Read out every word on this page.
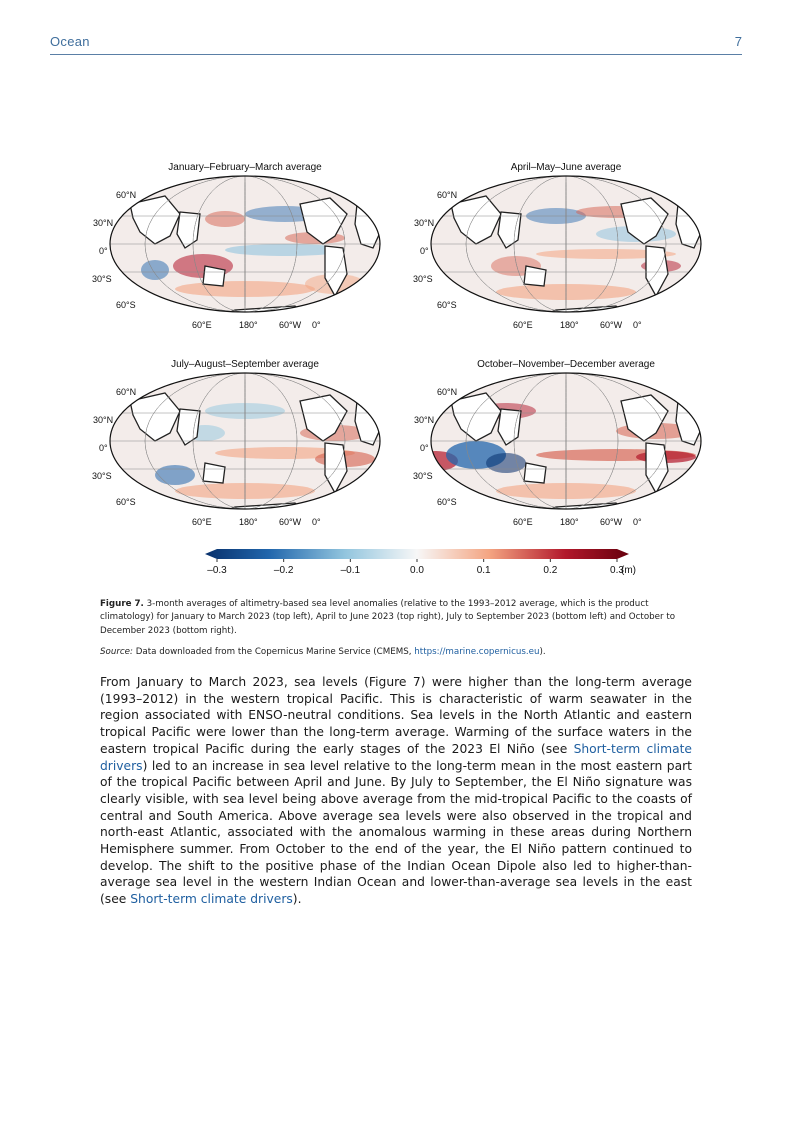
Ocean	7
January–February–March average
60°N
30°N
0°
30°S
60°S
60°E	180° 60°W 0°
April–May–June average
60°N
30°N
0°
30°S
60°S
60°E	180° 60°W 0°
July–August–September average
60°N
30°N
0°
30°S
60°S
60°E	180° 60°W 0°
October–November–December average
60°N
30°N
0°
30°S
60°S
60°E	180° 60°W 0°
–0.3	–0.2	–0.1	0.0	0.1	0.2	0.3
(m)
Figure 7. 3-month averages of altimetry-based sea level anomalies (relative to the 1993–2012 average, which is the product climatology) for January to March 2023 (top left), April to June 2023 (top right), July to September 2023 (bottom left) and October to December 2023 (bottom right).
Source: Data downloaded from the Copernicus Marine Service (CMEMS, https://marine.copernicus.eu).
From January to March 2023, sea levels (Figure 7) were higher than the long-term average (1993–2012) in the western tropical Pacific. This is characteristic of warm seawater in the region associated with ENSO-neutral conditions. Sea levels in the North Atlantic and eastern tropical Pacific were lower than the long-term average. Warming of the surface waters in the eastern tropical Pacific during the early stages of the 2023 El Niño (see Short-term climate drivers) led to an increase in sea level relative to the long-term mean in the most eastern part of the tropical Pacific between April and June. By July to September, the El Niño signature was clearly visible, with sea level being above average from the mid-tropical Pacific to the coasts of central and South America. Above average sea levels were also observed in the tropical and north-east Atlantic, associated with the anomalous warming in these areas during Northern Hemisphere summer. From October to the end of the year, the El Niño pattern continued to develop. The shift to the positive phase of the Indian Ocean Dipole also led to higher-than-average sea level in the western Indian Ocean and lower-than-average sea levels in the east (see Short-term climate drivers).
